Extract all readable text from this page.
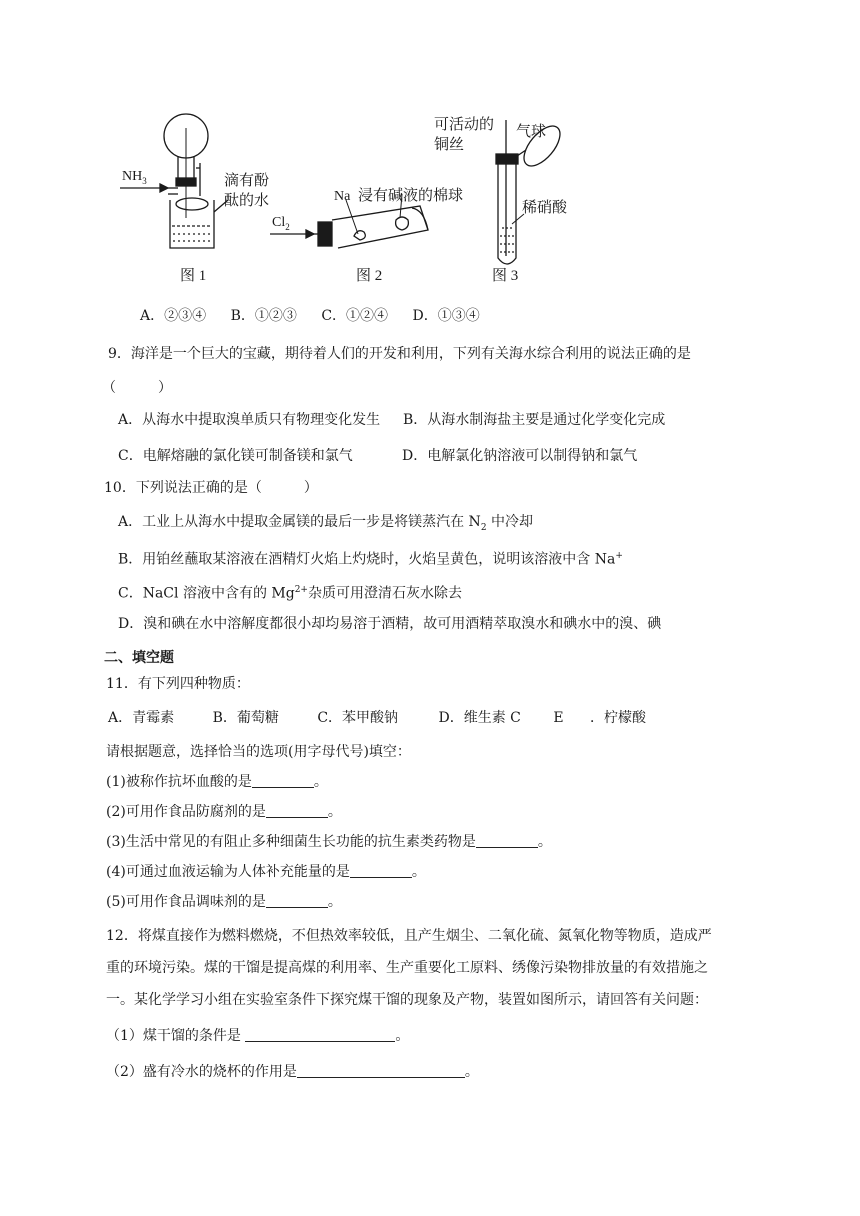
$NH_3$
图 1
滴有酚酞的水
$Cl_2$
图 2
Na 浸有碱液的棉球
图 3
可活动的铜丝
气球
稀硝酸
A．②③④ B．①②③ C．①②④ D．①③④
9．海洋是一个巨大的宝藏，期待着人们的开发和利用，下列有关海水综合利用的说法正确的是
（　　　）
A．从海水中提取溴单质只有物理变化发生 B．从海水制海盐主要是通过化学变化完成
C．电解熔融的氯化镁可制备镁和氯气	D．电解氯化钠溶液可以制得钠和氯气
10．下列说法正确的是（　　　）
A．工业上从海水中提取金属镁的最后一步是将镁蒸汽在 $N_2$ 中冷却
B．用铂丝蘸取某溶液在酒精灯火焰上灼烧时，火焰呈黄色，说明该溶液中含 Na+
C．NaCl 溶液中含有的 $Mg^{2+}$杂质可用澄清石灰水除去
D．溴和碘在水中溶解度都很小却均易溶于酒精，故可用酒精萃取溴水和碘水中的溴、碘
二、填空题
11．有下列四种物质：
A．青霉素	B．葡萄糖	C．苯甲酸钠	D．维生素 C E ．柠檬酸
请根据题意，选择恰当的选项(用字母代号)填空：
(1)被称作抗坏血酸的是	。
(2)可用作食品防腐剂的是	。
(3)生活中常见的有阻止多种细菌生长功能的抗生素类药物是	。
(4)可通过血液运输为人体补充能量的是	。
(5)可用作食品调味剂的是	。
12．将煤直接作为燃料燃烧，不但热效率较低，且产生烟尘、二氧化硫、氮氧化物等物质，造成严
重的环境污染。煤的干馏是提高煤的利用率、生产重要化工原料、绣像污染物排放量的有效措施之
一。某化学学习小组在实验室条件下探究煤干馏的现象及产物，装置如图所示，请回答有关问题：
（1）煤干馏的条件是	。
（2）盛有冷水的烧杯的作用是	。
